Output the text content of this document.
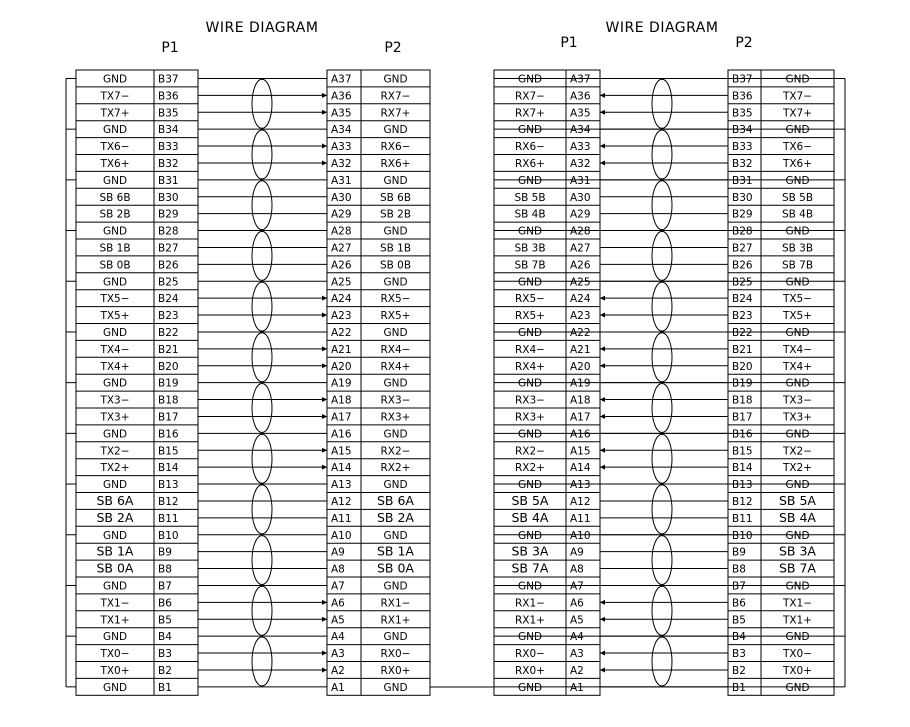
WIRE DIAGRAM
P1	P2
WIRE DIAGRAM
P1	P2
GND	B37	A37	GND
TX7−	B36	A36	RX7−
TX7+	B35	A35	RX7+
GND	B34	A34	GND
TX6−	B33	A33	RX6−
TX6+	B32	A32	RX6+
GND	B31	A31	GND
SB 6B	B30	A30	SB 6B
SB 2B	B29	A29	SB 2B
GND	B28	A28	GND
SB 1B	B27	A27	SB 1B
SB 0B	B26	A26	SB 0B
GND	B25	A25	GND
TX5−	B24	A24	RX5−
TX5+	B23	A23	RX5+
GND	B22	A22	GND
TX4−	B21	A21	RX4−
TX4+	B20	A20	RX4+
GND	B19	A19	GND
TX3−	B18	A18	RX3−
TX3+	B17	A17	RX3+
GND	B16	A16	GND
TX2−	B15	A15	RX2−
TX2+	B14	A14	RX2+
GND	B13	A13	GND
SB 6A B12	A12 SB 6A
SB 2A B11	A11 SB 2A
GND	B10	A10	GND
SB 1A B9	A9	SB 1A
SB 0A B8	A8	SB 0A
GND	B7	A7	GND
TX1−	B6	A6	RX1−
TX1+	B5	A5	RX1+
GND	B4	A4	GND
TX0−	B3	A3	RX0−
TX0+	B2	A2	RX0+
GND	B1	A1	GND
GND	A37	B37	GND
RX7− A36	B36	TX7−
RX7+ A35	B35	TX7+
GND	A34	B34	GND
RX6− A33	B33	TX6−
RX6+ A32	B32	TX6+
GND	A31	B31	GND
SB 5B A30	B30	SB 5B
SB 4B A29	B29	SB 4B
GND	A28	B28	GND
SB 3B A27	B27	SB 3B
SB 7B A26	B26	SB 7B
GND	A25	B25	GND
RX5− A24	B24	TX5−
RX5+ A23	B23	TX5+
GND	A22	B22	GND
RX4− A21	B21	TX4−
RX4+ A20	B20	TX4+
GND	A19	B19	GND
RX3− A18	B18	TX3−
RX3+ A17	B17	TX3+
GND	A16	B16	GND
RX2− A15	B15	TX2−
RX2+ A14	B14	TX2+
GND	A13	B13	GND
SB 5A A12	B12 SB 5A
SB 4A A11	B11 SB 4A
GND	A10	B10	GND
SB 3A A9	B9	SB 3A
SB 7A A8	B8	SB 7A
GND	A7	B7	GND
RX1− A6	B6	TX1−
RX1+ A5	B5	TX1+
GND	A4	B4	GND
RX0− A3	B3	TX0−
RX0+ A2	B2	TX0+
GND	A1	B1	GND
